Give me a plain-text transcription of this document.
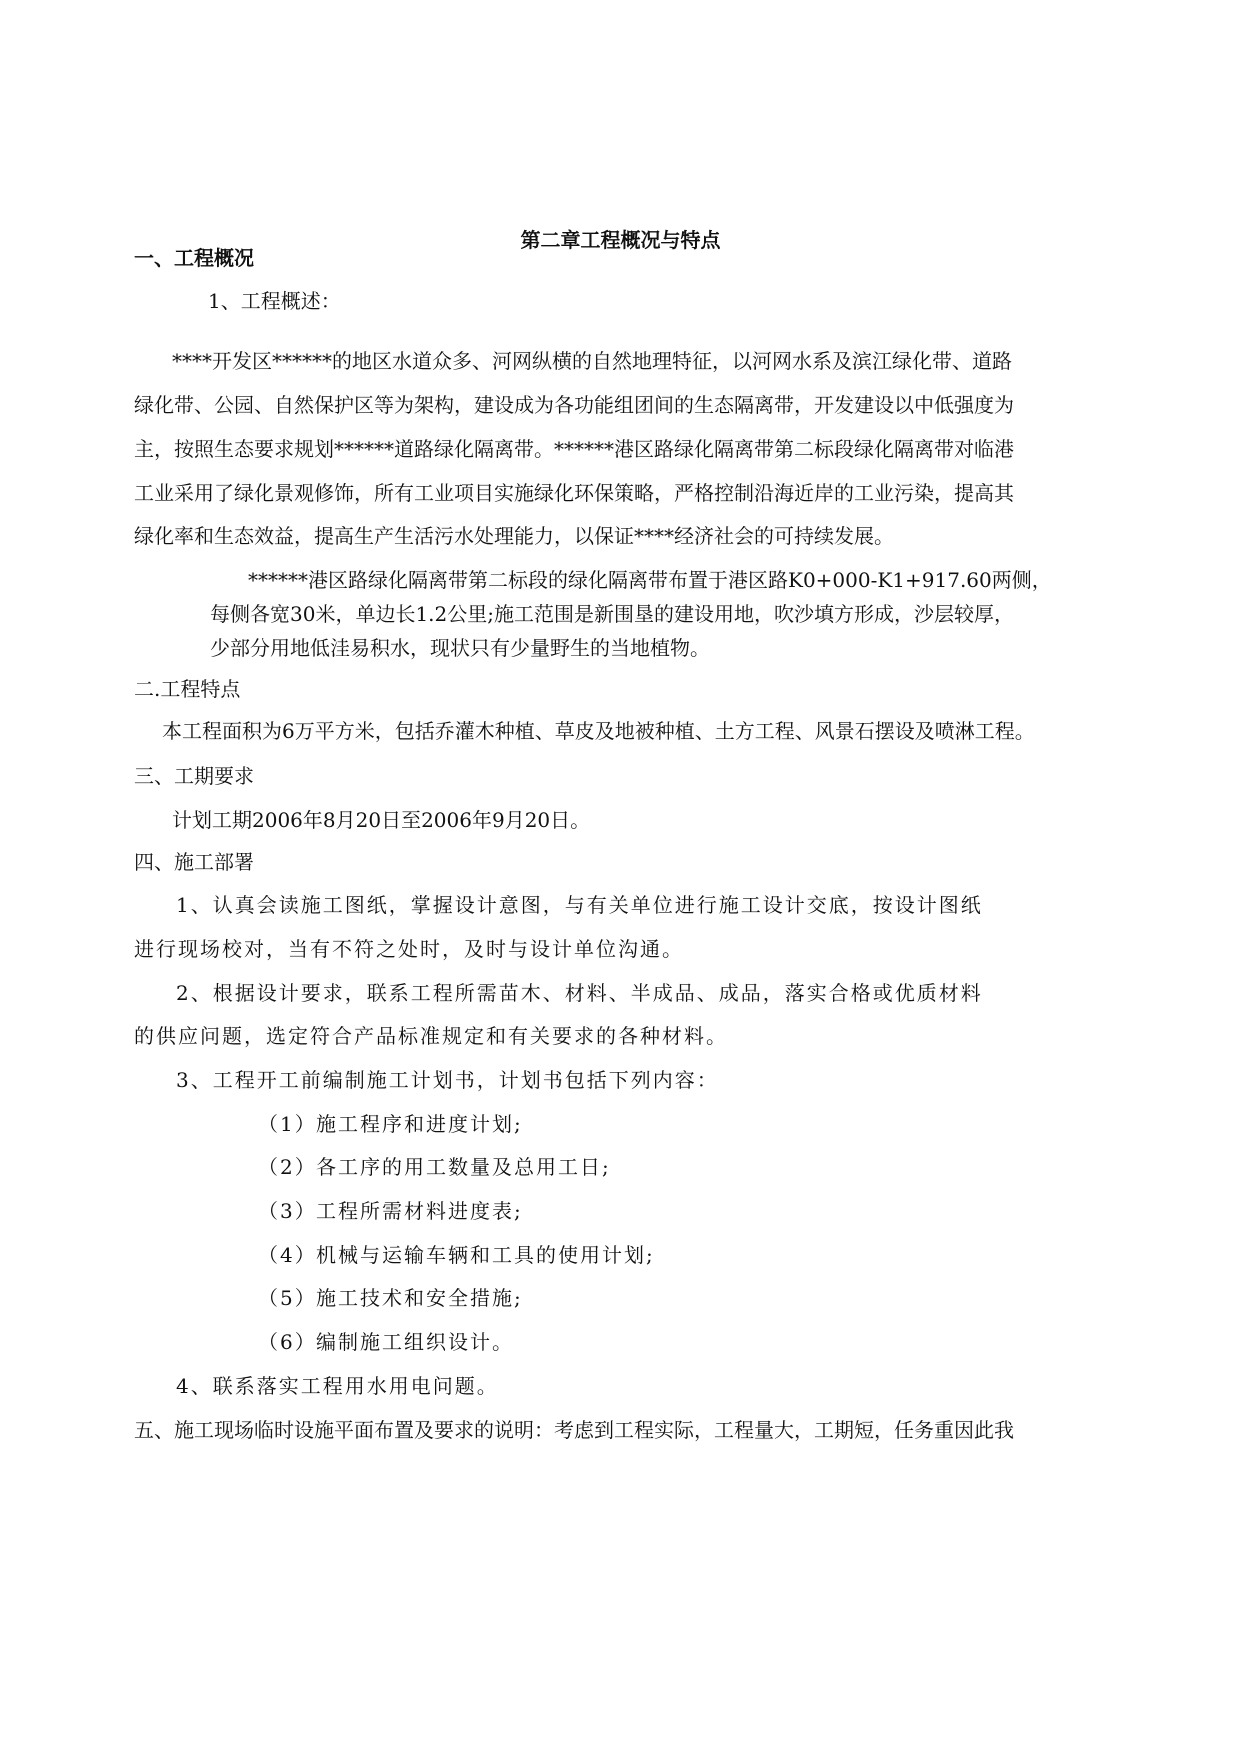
第二章工程概况与特点
一、工程概况
1、工程概述：
****开发区******的地区水道众多、河网纵横的自然地理特征，以河网水系及滨江绿化带、道路
绿化带、公园、自然保护区等为架构，建设成为各功能组团间的生态隔离带，开发建设以中低强度为
主，按照生态要求规划******道路绿化隔离带。******港区路绿化隔离带第二标段绿化隔离带对临港
工业采用了绿化景观修饰，所有工业项目实施绿化环保策略，严格控制沿海近岸的工业污染，提高其
绿化率和生态效益，提高生产生活污水处理能力，以保证****经济社会的可持续发展。
******港区路绿化隔离带第二标段的绿化隔离带布置于港区路K0+000-K1+917.60两侧，
每侧各宽30米，单边长1.2公里;施工范围是新围垦的建设用地，吹沙填方形成，沙层较厚，
少部分用地低洼易积水，现状只有少量野生的当地植物。
二.工程特点
本工程面积为6万平方米，包括乔灌木种植、草皮及地被种植、土方工程、风景石摆设及喷淋工程。
三、工期要求
计划工期2006年8月20日至2006年9月20日。
四、施工部署
1、认真会读施工图纸，掌握设计意图，与有关单位进行施工设计交底，按设计图纸
进行现场校对，当有不符之处时，及时与设计单位沟通。
2、根据设计要求，联系工程所需苗木、材料、半成品、成品，落实合格或优质材料
的供应问题，选定符合产品标准规定和有关要求的各种材料。
3、工程开工前编制施工计划书，计划书包括下列内容：
（1） 施工程序和进度计划;
（2） 各工序的用工数量及总用工日;
（3） 工程所需材料进度表;
（4） 机械与运输车辆和工具的使用计划;
（5） 施工技术和安全措施;
（6） 编制施工组织设计。
4、联系落实工程用水用电问题。
五、施工现场临时设施平面布置及要求的说明：考虑到工程实际，工程量大，工期短，任务重因此我
